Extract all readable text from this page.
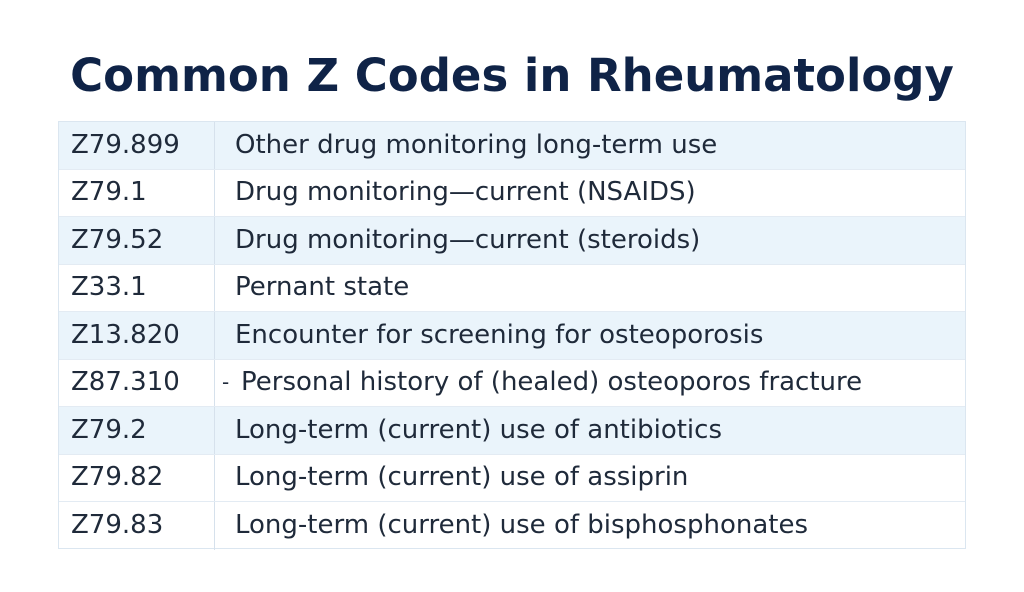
Common Z Codes in Rheumatology
Z79.899 Other drug monitoring long-term use
Z79.1	Drug monitoring—current (NSAIDS)
Z79.52	Drug monitoring—current (steroids)
Z33.1	Pernant state
Z13.820 Encounter for screening for osteoporosis
Z87.310 - Personal history of (healed) osteoporos fracture
Z79.2	Long-term (current) use of antibiotics
Z79.82	Long-term (current) use of assiprin
Z79.83	Long-term (current) use of bisphosphonates
